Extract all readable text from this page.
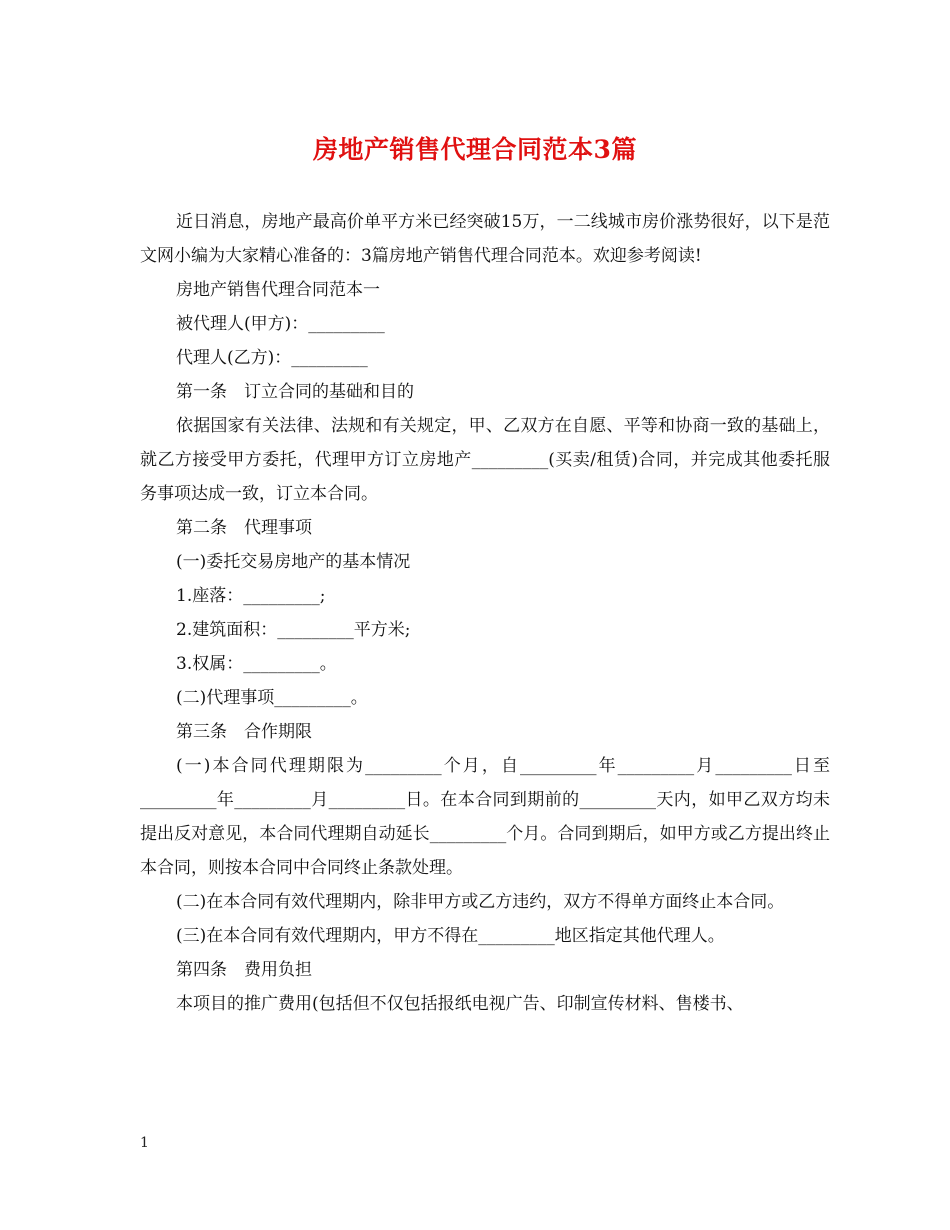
房地产销售代理合同范本3篇

近日消息，房地产最高价单平方米已经突破15万，一二线城市房价涨势很好，以下是范文网小编为大家精心准备的：3篇房地产销售代理合同范本。欢迎参考阅读!

房地产销售代理合同范本一

被代理人(甲方)：_________

代理人(乙方)：_________

第一条　订立合同的基础和目的

依据国家有关法律、法规和有关规定，甲、乙双方在自愿、平等和协商一致的基础上，就乙方接受甲方委托，代理甲方订立房地产_________(买卖/租赁)合同，并完成其他委托服务事项达成一致，订立本合同。

第二条　代理事项

(一)委托交易房地产的基本情况

1.座落：_________;

2.建筑面积：_________平方米;

3.权属：_________。

(二)代理事项_________。

第三条　合作期限

(一)本合同代理期限为_________个月，自_________年_________月_________日至_________年_________月_________日。在本合同到期前的_________天内，如甲乙双方均未提出反对意见，本合同代理期自动延长_________个月。合同到期后，如甲方或乙方提出终止本合同，则按本合同中合同终止条款处理。

(二)在本合同有效代理期内，除非甲方或乙方违约，双方不得单方面终止本合同。

(三)在本合同有效代理期内，甲方不得在_________地区指定其他代理人。

第四条　费用负担

本项目的推广费用(包括但不仅包括报纸电视广告、印制宣传材料、售楼书、

1
